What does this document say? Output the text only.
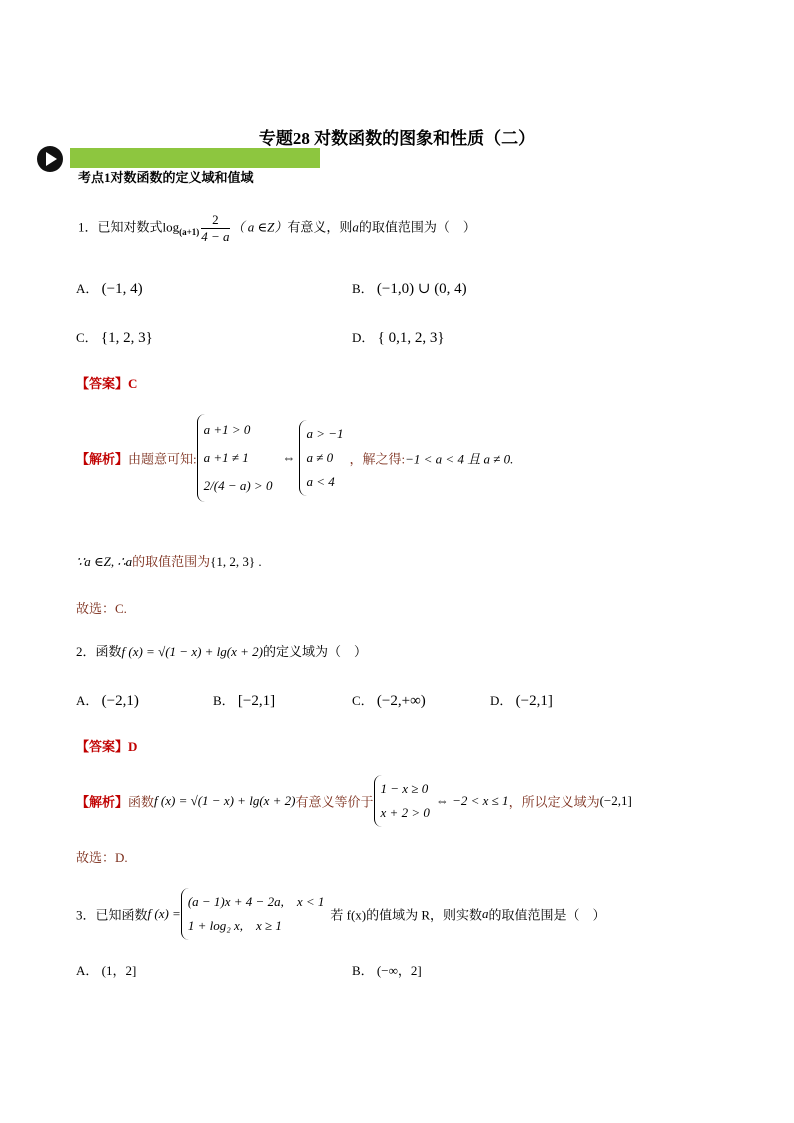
专题28 对数函数的图象和性质（二）
考点1对数函数的定义域和值域
1．已知对数式$\log_{(a+1)} \frac{2}{4 - a}$ （ a ∈Z）有意义，则a的取值范围为（　）
A． (−1, 4)	B． (−1,0) ∪ (0, 4)
C． {1, 2, 3}	D． { 0,1, 2, 3}
【答案】C
【解析】由题意可知:
a +1 > 0
a +1 ≠ 1
2/(4 − a) > 0
⇔
a > −1
a ≠ 0
a < 4
，解之得:−1 < a < 4 且 a ≠ 0.
∵a ∈Z, ∴a的取值范围为{1, 2, 3} .
故选：C.
2．函数f (x) = √(1 − x) + lg(x + 2)的定义域为（　）
A． (−2,1)	B． [−2,1]	C． (−2,+∞)	D． (−2,1]
【答案】D
【解析】函数f (x) = √(1 − x) + lg(x + 2)有意义等价于
1 − x ≥ 0
x + 2 > 0
⇔ −2 < x ≤ 1，所以定义域为(−2,1]
故选：D.
3．已知函数f (x) =
(a − 1)x + 4 − 2a,　x < 1
1 + log₂ x,　x ≥ 1
若 f(x)的值域为 R，则实数a的取值范围是（　）
A． (1，2]	B． (−∞，2]
